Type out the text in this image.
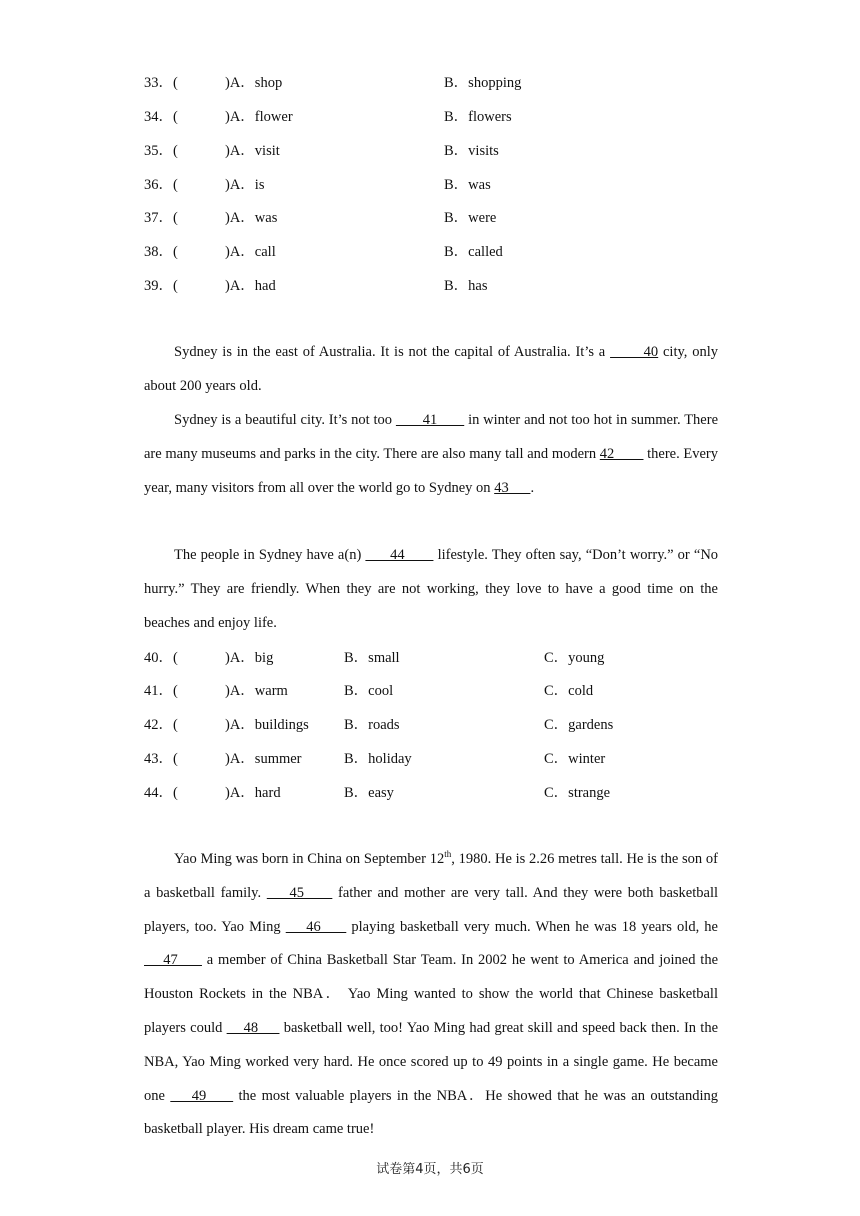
33．(	)A．shop	B．shopping
34．(	)A．flower	B．flowers
35．(	)A．visit	B．visits
36．(	)A．is	B．was
37．(	)A．was	B．were
38．(	)A．call	B．called
39．(	)A．had	B．has

Sydney is in the east of Australia. It is not the capital of Australia. It’s a        40 city, only about 200 years old.

Sydney is a beautiful city. It’s not too        41        in winter and not too hot in summer. There are many museums and parks in the city. There are also many tall and modern 42         there. Every year, many visitors from all over the world go to Sydney on 43      .

The people in Sydney have a(n)       44        lifestyle. They often say, “Don’t worry.” or “No hurry.” They are friendly. When they are not working, they love to have a good time on the beaches and enjoy life.

40．(	)A．big	B．small	C．young
41．(	)A．warm	B．cool	C．cold
42．(	)A．buildings B．roads	C．gardens
43．(	)A．summer	B．holiday	C．winter
44．(	)A．hard	B．easy	C．strange

Yao Ming was born in China on September 12th, 1980. He is 2.26 metres tall. He is the son of a basketball family.     45      father and mother are very tall. And they were both basketball players, too. Yao Ming     46      playing basketball very much. When he was 18 years old, he     47      a member of China Basketball Star Team. In 2002 he went to America and joined the Houston Rockets in the NBA． Yao Ming wanted to show the world that Chinese basketball players could     48      basketball well, too! Yao Ming had great skill and speed back then. In the NBA, Yao Ming worked very hard. He once scored up to 49 points in a single game. He became one     49      the most valuable players in the NBA．He showed that he was an outstanding basketball player. His dream came true!

试卷第4页，共6页
